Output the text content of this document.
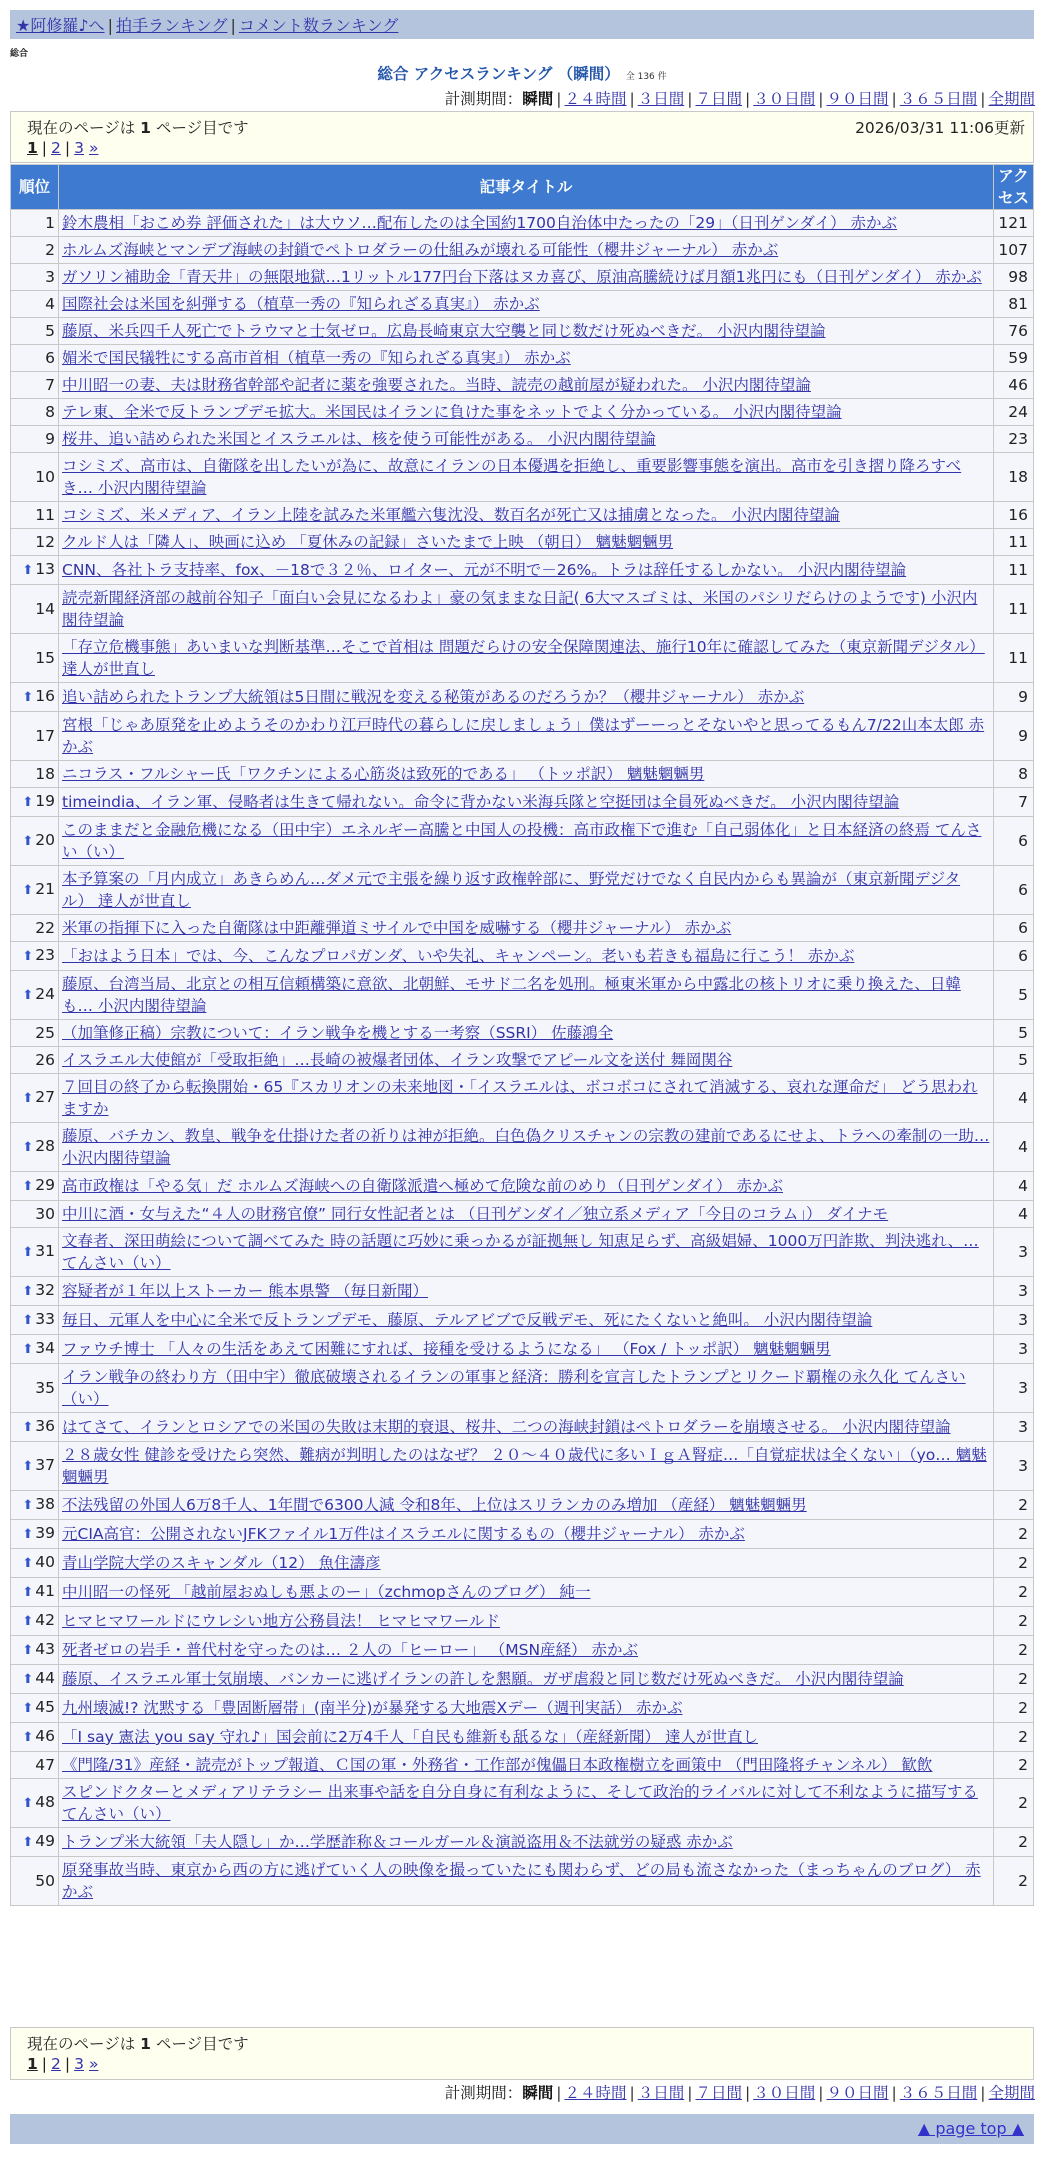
★阿修羅♪へ | 拍手ランキング | コメント数ランキング
総合
総合 アクセスランキング （瞬間） 全 136 件
計測期間：瞬間 | ２４時間 | ３日間 | ７日間 | ３０日間 | ９０日間 | ３６５日間 | 全期間
現在のページは 1 ページ目です	2026/03/31 11:06更新
1 | 2 | 3 »
順位	記事タイトル	アクセス
1	鈴木農相「おこめ券 評価された」は大ウソ…配布したのは全国約1700自治体中たったの「29」（日刊ゲンダイ） 赤かぶ	121
2	ホルムズ海峡とマンデブ海峡の封鎖でペトロダラーの仕組みが壊れる可能性（櫻井ジャーナル） 赤かぶ	107
3	ガソリン補助金「青天井」の無限地獄…1リットル177円台下落はヌカ喜び、原油高騰続けば月額1兆円にも（日刊ゲンダイ） 赤かぶ	98
4	国際社会は米国を糾弾する（植草一秀の『知られざる真実』） 赤かぶ	81
5	藤原、米兵四千人死亡でトラウマと士気ゼロ。広島長崎東京大空襲と同じ数だけ死ぬべきだ。 小沢内閣待望論	76
6	媚米で国民犠牲にする高市首相（植草一秀の『知られざる真実』） 赤かぶ	59
7	中川昭一の妻、夫は財務省幹部や記者に薬を強要された。当時、読売の越前屋が疑われた。 小沢内閣待望論	46
8	テレ東、全米で反トランプデモ拡大。米国民はイランに負けた事をネットでよく分かっている。 小沢内閣待望論	24
9	桜井、追い詰められた米国とイスラエルは、核を使う可能性がある。 小沢内閣待望論	23
10	コシミズ、高市は、自衛隊を出したいが為に、故意にイランの日本優遇を拒絶し、重要影響事態を演出。高市を引き摺り降ろすべき… 小沢内閣待望論	18
11	コシミズ、米メディア、イラン上陸を試みた米軍艦六隻沈没、数百名が死亡又は捕虜となった。 小沢内閣待望論	16
12	クルド人は「隣人」、映画に込め 「夏休みの記録」さいたまで上映 （朝日） 魑魅魍魎男	11
⬆ 13	CNN、各社トラ支持率、fox、－18で３２％、ロイター、元が不明で－26%。トラは辞任するしかない。 小沢内閣待望論	11
14	読売新聞経済部の越前谷知子「面白い会見になるわよ」豪の気ままな日記( 6大マスゴミは、米国のパシリだらけのようです) 小沢内閣待望論	11
15	「存立危機事態」あいまいな判断基準…そこで首相は 問題だらけの安全保障関連法、施行10年に確認してみた（東京新聞デジタル） 達人が世直し	11
⬆ 16	追い詰められたトランプ大統領は5日間に戦況を変える秘策があるのだろうか？（櫻井ジャーナル） 赤かぶ	9
17	宮根「じゃあ原発を止めようそのかわり江戸時代の暮らしに戻しましょう」僕はずーーっとそないやと思ってるもん7/22山本太郎 赤かぶ	9
18	ニコラス・フルシャー氏「ワクチンによる心筋炎は致死的である」 （トッポ訳） 魑魅魍魎男	8
⬆ 19	timeindia、イラン軍、侵略者は生きて帰れない。命令に背かない米海兵隊と空挺団は全員死ぬべきだ。 小沢内閣待望論	7
⬆ 20	このままだと金融危機になる（田中宇）エネルギー高騰と中国人の投機：高市政権下で進む「自己弱体化」と日本経済の終焉 てんさい（い）	6
⬆ 21	本予算案の「月内成立」あきらめん…ダメ元で主張を繰り返す政権幹部に、野党だけでなく自民内からも異論が（東京新聞デジタル） 達人が世直し	6
22	米軍の指揮下に入った自衛隊は中距離弾道ミサイルで中国を威嚇する（櫻井ジャーナル） 赤かぶ	6
⬆ 23	「おはよう日本」では、今、こんなプロパガンダ、いや失礼、キャンペーン。老いも若きも福島に行こう！ 赤かぶ	6
⬆ 24	藤原、台湾当局、北京との相互信頼構築に意欲、北朝鮮、モサド二名を処刑。極東米軍から中露北の核トリオに乗り換えた、日韓も… 小沢内閣待望論	5
25	（加筆修正稿）宗教について：イラン戦争を機とする一考察（SSRI） 佐藤鴻全	5
26	イスラエル大使館が「受取拒絶」…長崎の被爆者団体、イラン攻撃でアピール文を送付 舞岡関谷	5
⬆ 27	７回目の終了から転換開始・65『スカリオンの未来地図・「イスラエルは、ボコボコにされて消滅する、哀れな運命だ」 どう思われますか	4
⬆ 28	藤原、バチカン、教皇、戦争を仕掛けた者の祈りは神が拒絶。白色偽クリスチャンの宗教の建前であるにせよ、トラへの牽制の一助… 小沢内閣待望論	4
⬆ 29	高市政権は「やる気」だ ホルムズ海峡への自衛隊派遣へ極めて危険な前のめり（日刊ゲンダイ） 赤かぶ	4
30	中川に酒・女与えた“４人の財務官僚” 同行女性記者とは （日刊ゲンダイ／独立系メディア「今日のコラム」） ダイナモ	4
⬆ 31	文春者、深田萌絵について調べてみた 時の話題に巧妙に乗っかるが証拠無し 知恵足らず、高級娼婦、1000万円詐欺、判決逃れ、… てんさい（い）	3
⬆ 32	容疑者が１年以上ストーカー 熊本県警 （毎日新聞）	3
⬆ 33	毎日、元軍人を中心に全米で反トランプデモ、藤原、テルアビブで反戦デモ、死にたくないと絶叫。 小沢内閣待望論	3
⬆ 34	ファウチ博士 「人々の生活をあえて困難にすれば、接種を受けるようになる」 （Fox / トッポ訳） 魑魅魍魎男	3
35	イラン戦争の終わり方（田中宇）徹底破壊されるイランの軍事と経済：勝利を宣言したトランプとリクード覇権の永久化 てんさい（い）	3
⬆ 36	はてさて、イランとロシアでの米国の失敗は末期的衰退、桜井、二つの海峡封鎖はペトロダラーを崩壊させる。 小沢内閣待望論	3
⬆ 37	２８歳女性 健診を受けたら突然、難病が判明したのはなぜ？ ２０～４０歳代に多いＩｇＡ腎症…「自覚症状は全くない」（yo… 魑魅魍魎男	3
⬆ 38	不法残留の外国人6万8千人、1年間で6300人減 令和8年、上位はスリランカのみ増加 （産経） 魑魅魍魎男	2
⬆ 39	元CIA高官：公開されないJFKファイル1万件はイスラエルに関するもの（櫻井ジャーナル） 赤かぶ	2
⬆ 40	青山学院大学のスキャンダル（12） 魚住濤彦	2
⬆ 41	中川昭一の怪死 「越前屋おぬしも悪よのー」（zchmopさんのブログ） 純一	2
⬆ 42	ヒマヒマワールドにウレシい地方公務員法！ ヒマヒマワールド	2
⬆ 43	死者ゼロの岩手・普代村を守ったのは… ２人の「ヒーロー」 （MSN産経） 赤かぶ	2
⬆ 44	藤原、イスラエル軍士気崩壊、バンカーに逃げイランの許しを懇願。ガザ虐殺と同じ数だけ死ぬべきだ。 小沢内閣待望論	2
⬆ 45	九州壊滅!? 沈黙する「豊固断層帯」(南半分)が暴発する大地震Xデー（週刊実話） 赤かぶ	2
⬆ 46	「I say 憲法 you say 守れ♪」国会前に2万4千人「自民も維新も舐るな」（産経新聞） 達人が世直し	2
47	《門隆/31》産経・読売がトップ報道、Ｃ国の軍・外務省・工作部が傀儡日本政権樹立を画策中 （門田隆将チャンネル） 歓飲	2
⬆ 48	スピンドクターとメディアリテラシー 出来事や話を自分自身に有利なように、そして政治的ライバルに対して不利なように描写する てんさい（い）	2
⬆ 49	トランプ米大統領「夫人隠し」か…学歴詐称＆コールガール＆演説盗用＆不法就労の疑惑 赤かぶ	2
50	原発事故当時、東京から西の方に逃げていく人の映像を撮っていたにも関わらず、どの局も流さなかった（まっちゃんのブログ） 赤かぶ	2
現在のページは 1 ページ目です
1 | 2 | 3 »
計測期間：瞬間 | ２４時間 | ３日間 | ７日間 | ３０日間 | ９０日間 | ３６５日間 | 全期間
▲ page top ▲
